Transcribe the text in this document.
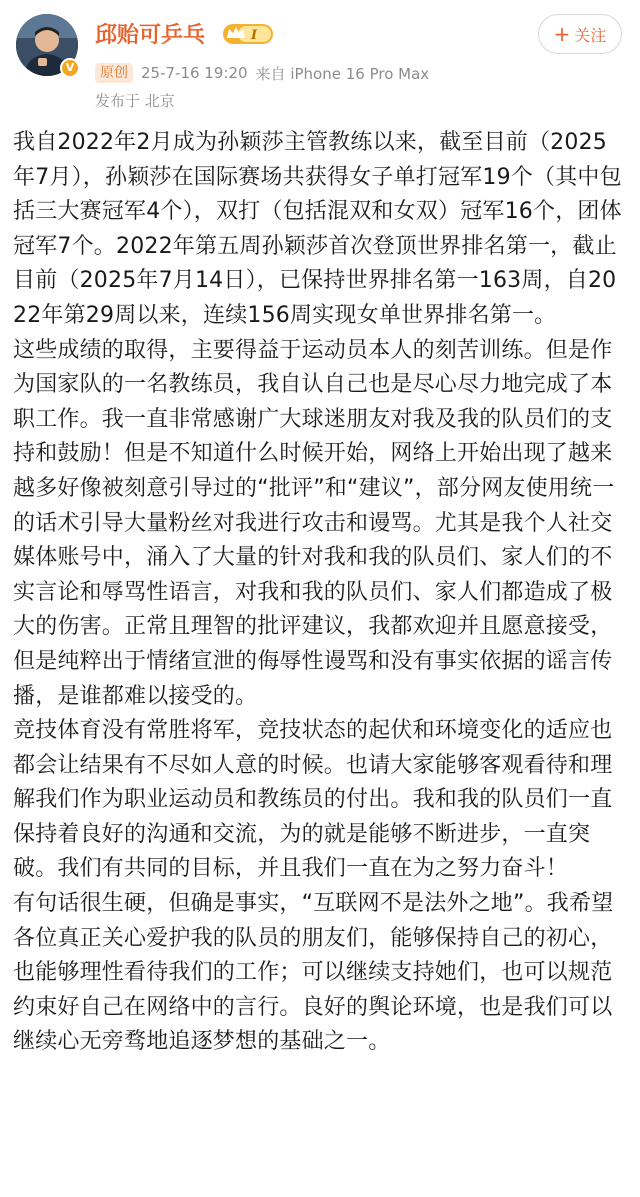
V
邱贻可乒乓	I
原创 25-7-16 19:20 来自 iPhone 16 Pro Max
发布于 北京
+ 关注

我自2022年2月成为孙颖莎主管教练以来，截至目前（2025年7月），孙颖莎在国际赛场共获得女子单打冠军19个（其中包括三大赛冠军4个），双打（包括混双和女双）冠军16个，团体冠军7个。2022年第五周孙颖莎首次登顶世界排名第一，截止目前（2025年7月14日），已保持世界排名第一163周，自2022年第29周以来，连续156周实现女单世界排名第一。

这些成绩的取得，主要得益于运动员本人的刻苦训练。但是作为国家队的一名教练员，我自认自己也是尽心尽力地完成了本职工作。我一直非常感谢广大球迷朋友对我及我的队员们的支持和鼓励！但是不知道什么时候开始，网络上开始出现了越来越多好像被刻意引导过的“批评”和“建议”，部分网友使用统一的话术引导大量粉丝对我进行攻击和谩骂。尤其是我个人社交媒体账号中，涌入了大量的针对我和我的队员们、家人们的不实言论和辱骂性语言，对我和我的队员们、家人们都造成了极大的伤害。正常且理智的批评建议，我都欢迎并且愿意接受，但是纯粹出于情绪宣泄的侮辱性谩骂和没有事实依据的谣言传播，是谁都难以接受的。

竞技体育没有常胜将军，竞技状态的起伏和环境变化的适应也都会让结果有不尽如人意的时候。也请大家能够客观看待和理解我们作为职业运动员和教练员的付出。我和我的队员们一直保持着良好的沟通和交流，为的就是能够不断进步，一直突破。我们有共同的目标，并且我们一直在为之努力奋斗！

有句话很生硬，但确是事实，“互联网不是法外之地”。我希望各位真正关心爱护我的队员的朋友们，能够保持自己的初心，也能够理性看待我们的工作；可以继续支持她们，也可以规范约束好自己在网络中的言行。良好的舆论环境，也是我们可以继续心无旁骛地追逐梦想的基础之一。
